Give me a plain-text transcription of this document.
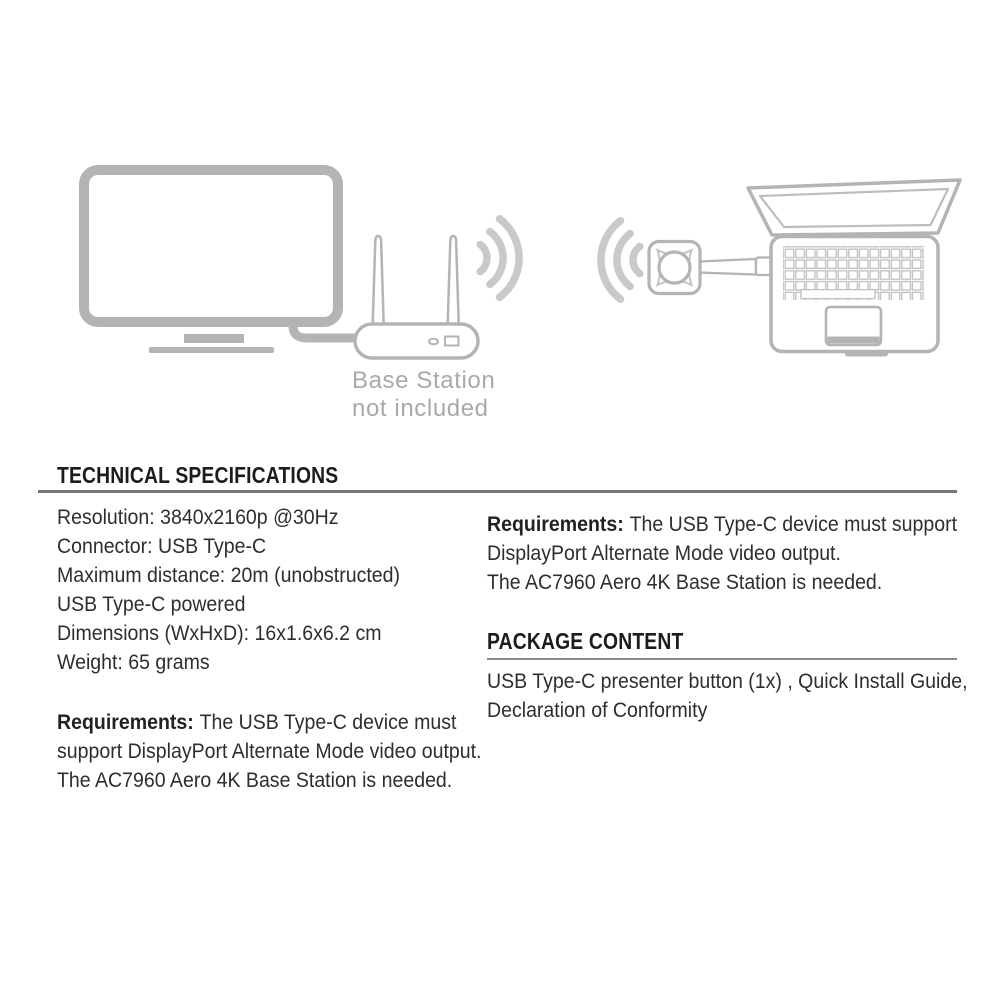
Base Station
not included
TECHNICAL SPECIFICATIONS
Resolution: 3840x2160p @30Hz
Connector: USB Type-C
Maximum distance: 20m (unobstructed)
USB Type-C powered
Dimensions (WxHxD): 16x1.6x6.2 cm
Weight: 65 grams
Requirements: The USB Type-C device must
support DisplayPort Alternate Mode video output.
The AC7960 Aero 4K Base Station is needed.
Requirements: The USB Type-C device must support
DisplayPort Alternate Mode video output.
The AC7960 Aero 4K Base Station is needed.
PACKAGE CONTENT
USB Type-C presenter button (1x) , Quick Install Guide,
Declaration of Conformity
